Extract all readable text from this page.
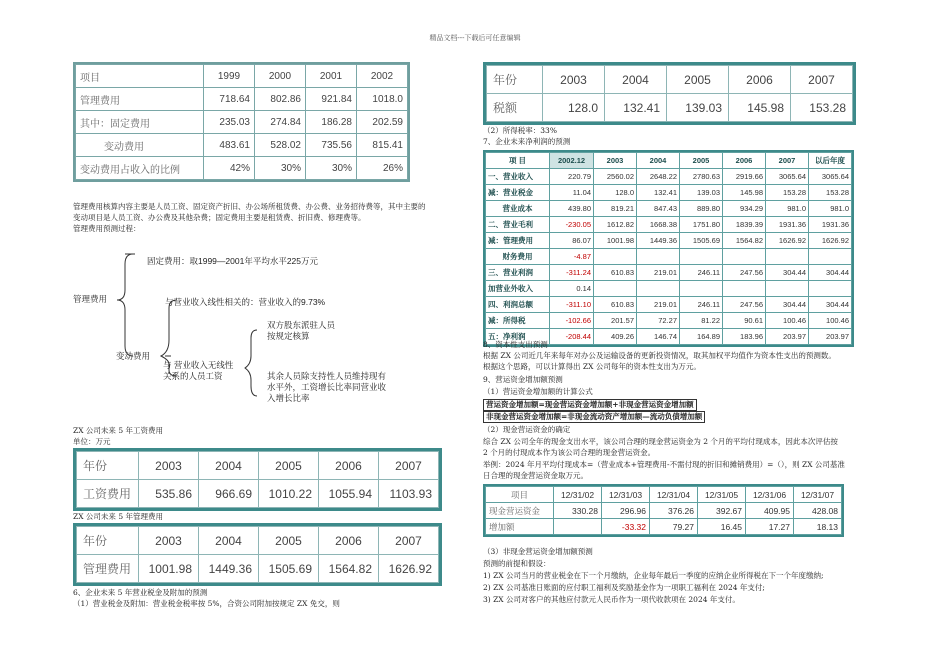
精品文档---下载后可任意编辑
项目	1999	2000	2001	2002
管理费用	718.64	802.86	921.84	1018.0
其中：固定费用	235.03	274.84	186.28	202.59
变动费用	483.61	528.02	735.56	815.41
变动费用占收入的比例	42%	30%	30%	26%
管理费用核算内容主要是人员工资、固定资产折旧、办公场所租赁费、办公费、业务招待费等，其中主要的
变动项目是人员工资、办公费及其他杂费；固定费用主要是租赁费、折旧费、修理费等。
管理费用预测过程：
管理费用
固定费用：取1999—2001年平均水平225万元
与营业收入线性相关的：营业收入的9.73%
变动费用
与 营业收入无线性
关系的人员工资
双方股东派驻人员
按规定核算
其余人员除支持性人员维持现有
水平外，工资增长比率同营业收
入增长比率
ZX 公司未来 5 年工资费用
单位：万元
年份	2003	2004	2005	2006	2007
工资费用	535.86	966.69	1010.22	1055.94	1103.93
ZX 公司未来 5 年管理费用
年份	2003	2004	2005	2006	2007
管理费用	1001.98	1449.36	1505.69	1564.82	1626.92
6、企业未来 5 年营业税金及附加的预测
（1）营业税金及附加：营业税金税率按 5%，合资公司附加按规定 ZX 免交，则
年份	2003	2004	2005	2006	2007
税额	128.0	132.41	139.03	145.98	153.28
（2）所得税率：33%
7、企业未来净利润的预测
项 目	2002.12	2003	2004	2005	2006	2007	以后年度
一、营业收入	220.79	2560.02	2648.22	2780.63	2919.66	3065.64	3065.64
减：营业税金	11.04	128.0	132.41	139.03	145.98	153.28	153.28
营业成本	439.80	819.21	847.43	889.80	934.29	981.0	981.0
二、营业毛利	-230.05	1612.82	1668.38	1751.80	1839.39	1931.36	1931.36
减：管理费用	86.07	1001.98	1449.36	1505.69	1564.82	1626.92	1626.92
财务费用	-4.87						
三、营业利润	-311.24	610.83	219.01	246.11	247.56	304.44	304.44
加营业外收入	0.14						
四、利润总额	-311.10	610.83	219.01	246.11	247.56	304.44	304.44
减：所得税	-102.66	201.57	72.27	81.22	90.61	100.46	100.46
五：净利润	-208.44	409.26	146.74	164.89	183.96	203.97	203.97
8、资本性支出预测
根据 ZX 公司近几年来每年对办公及运输设备的更新投资情况，取其加权平均值作为资本性支出的预测数。
根据这个思路，可以计算得出 ZX 公司每年的资本性支出为万元。
9、营运资金增加额预测
（1）营运资金增加额的计算公式
营运资金增加额=现金营运资金增加额+非现金营运资金增加额
非现金营运资金增加额=非现金流动资产增加额—流动负债增加额
（2）现金营运资金的确定
综合 ZX 公司全年的现金支出水平，该公司合理的现金营运资金为 2 个月的平均付现成本，因此本次评估按
2 个月的付现成本作为该公司合理的现金营运资金。
举例：2024 年月平均付现成本=（营业成本+管理费用-不需付现的折旧和摊销费用）=（），则 ZX 公司基准
日合理的现金营运资金取万元。
项目	12/31/02	12/31/03	12/31/04	12/31/05	12/31/06	12/31/07
现金营运资金	330.28	296.96	376.26	392.67	409.95	428.08
增加额		-33.32	79.27	16.45	17.27	18.13
（3）非现金营运资金增加额预测
预测的前提和假设：
1) ZX 公司当月的营业税金在下一个月缴纳，企业每年最后一季度的应纳企业所得税在下一个年度缴纳;
2) ZX 公司基准日账面的应付职工福利及奖励基金作为一项职工福利在 2024 年支付;
3) ZX 公司对客户的其他应付款元人民币作为一项代收款项在 2024 年支付。
